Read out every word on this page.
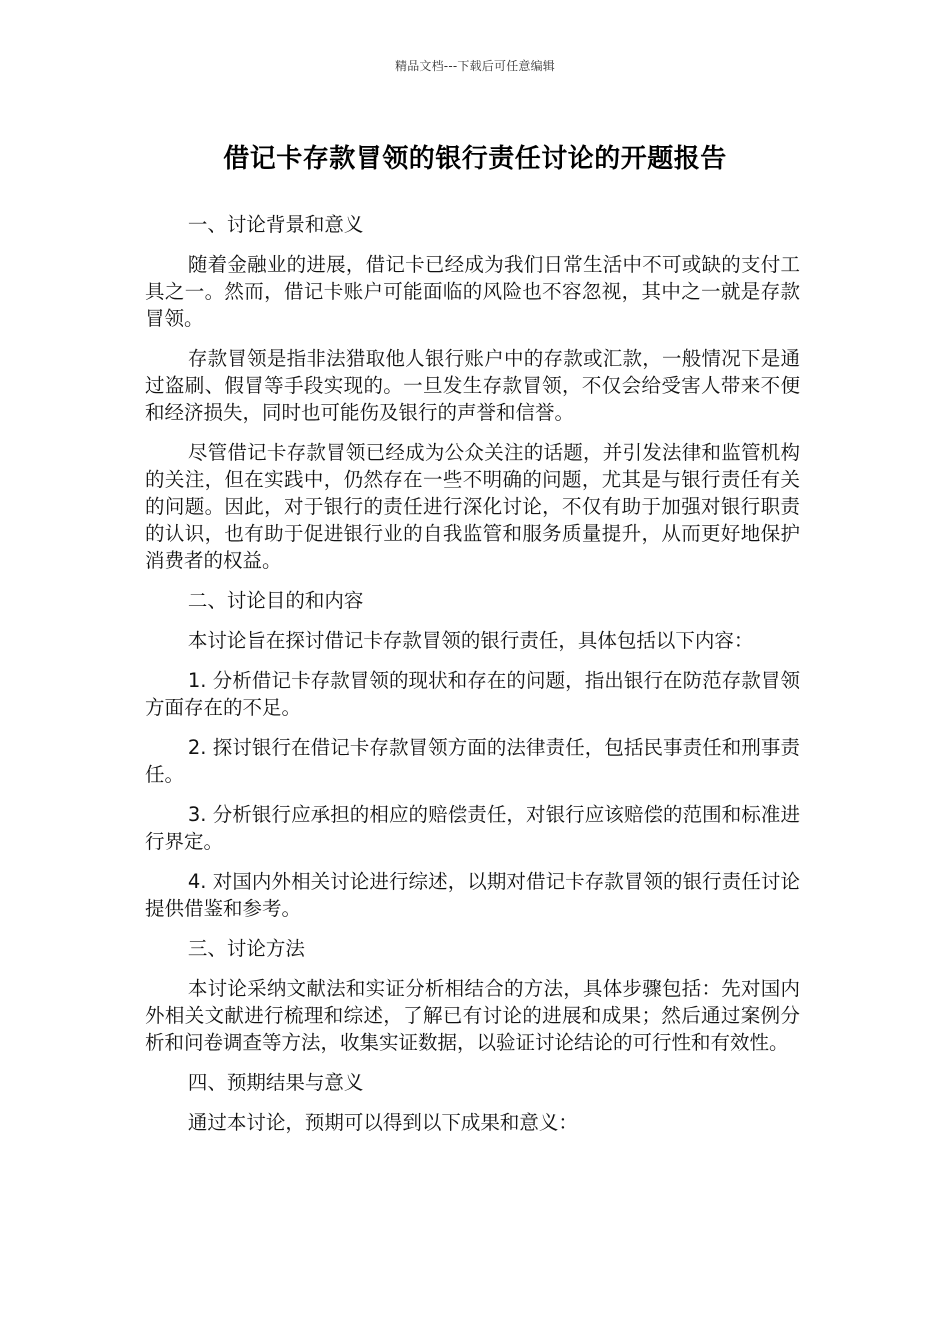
精品文档---下载后可任意编辑
借记卡存款冒领的银行责任讨论的开题报告

一、讨论背景和意义

随着金融业的进展，借记卡已经成为我们日常生活中不可或缺的支付工具之一。然而，借记卡账户可能面临的风险也不容忽视，其中之一就是存款冒领。

存款冒领是指非法猎取他人银行账户中的存款或汇款，一般情况下是通过盗刷、假冒等手段实现的。一旦发生存款冒领，不仅会给受害人带来不便和经济损失，同时也可能伤及银行的声誉和信誉。

尽管借记卡存款冒领已经成为公众关注的话题，并引发法律和监管机构的关注，但在实践中，仍然存在一些不明确的问题，尤其是与银行责任有关的问题。因此，对于银行的责任进行深化讨论，不仅有助于加强对银行职责的认识，也有助于促进银行业的自我监管和服务质量提升，从而更好地保护消费者的权益。

二、讨论目的和内容

本讨论旨在探讨借记卡存款冒领的银行责任，具体包括以下内容：

1. 分析借记卡存款冒领的现状和存在的问题，指出银行在防范存款冒领方面存在的不足。

2. 探讨银行在借记卡存款冒领方面的法律责任，包括民事责任和刑事责任。

3. 分析银行应承担的相应的赔偿责任，对银行应该赔偿的范围和标准进行界定。

4. 对国内外相关讨论进行综述，以期对借记卡存款冒领的银行责任讨论提供借鉴和参考。

三、讨论方法

本讨论采纳文献法和实证分析相结合的方法，具体步骤包括：先对国内外相关文献进行梳理和综述，了解已有讨论的进展和成果；然后通过案例分析和问卷调查等方法，收集实证数据，以验证讨论结论的可行性和有效性。

四、预期结果与意义

通过本讨论，预期可以得到以下成果和意义：
